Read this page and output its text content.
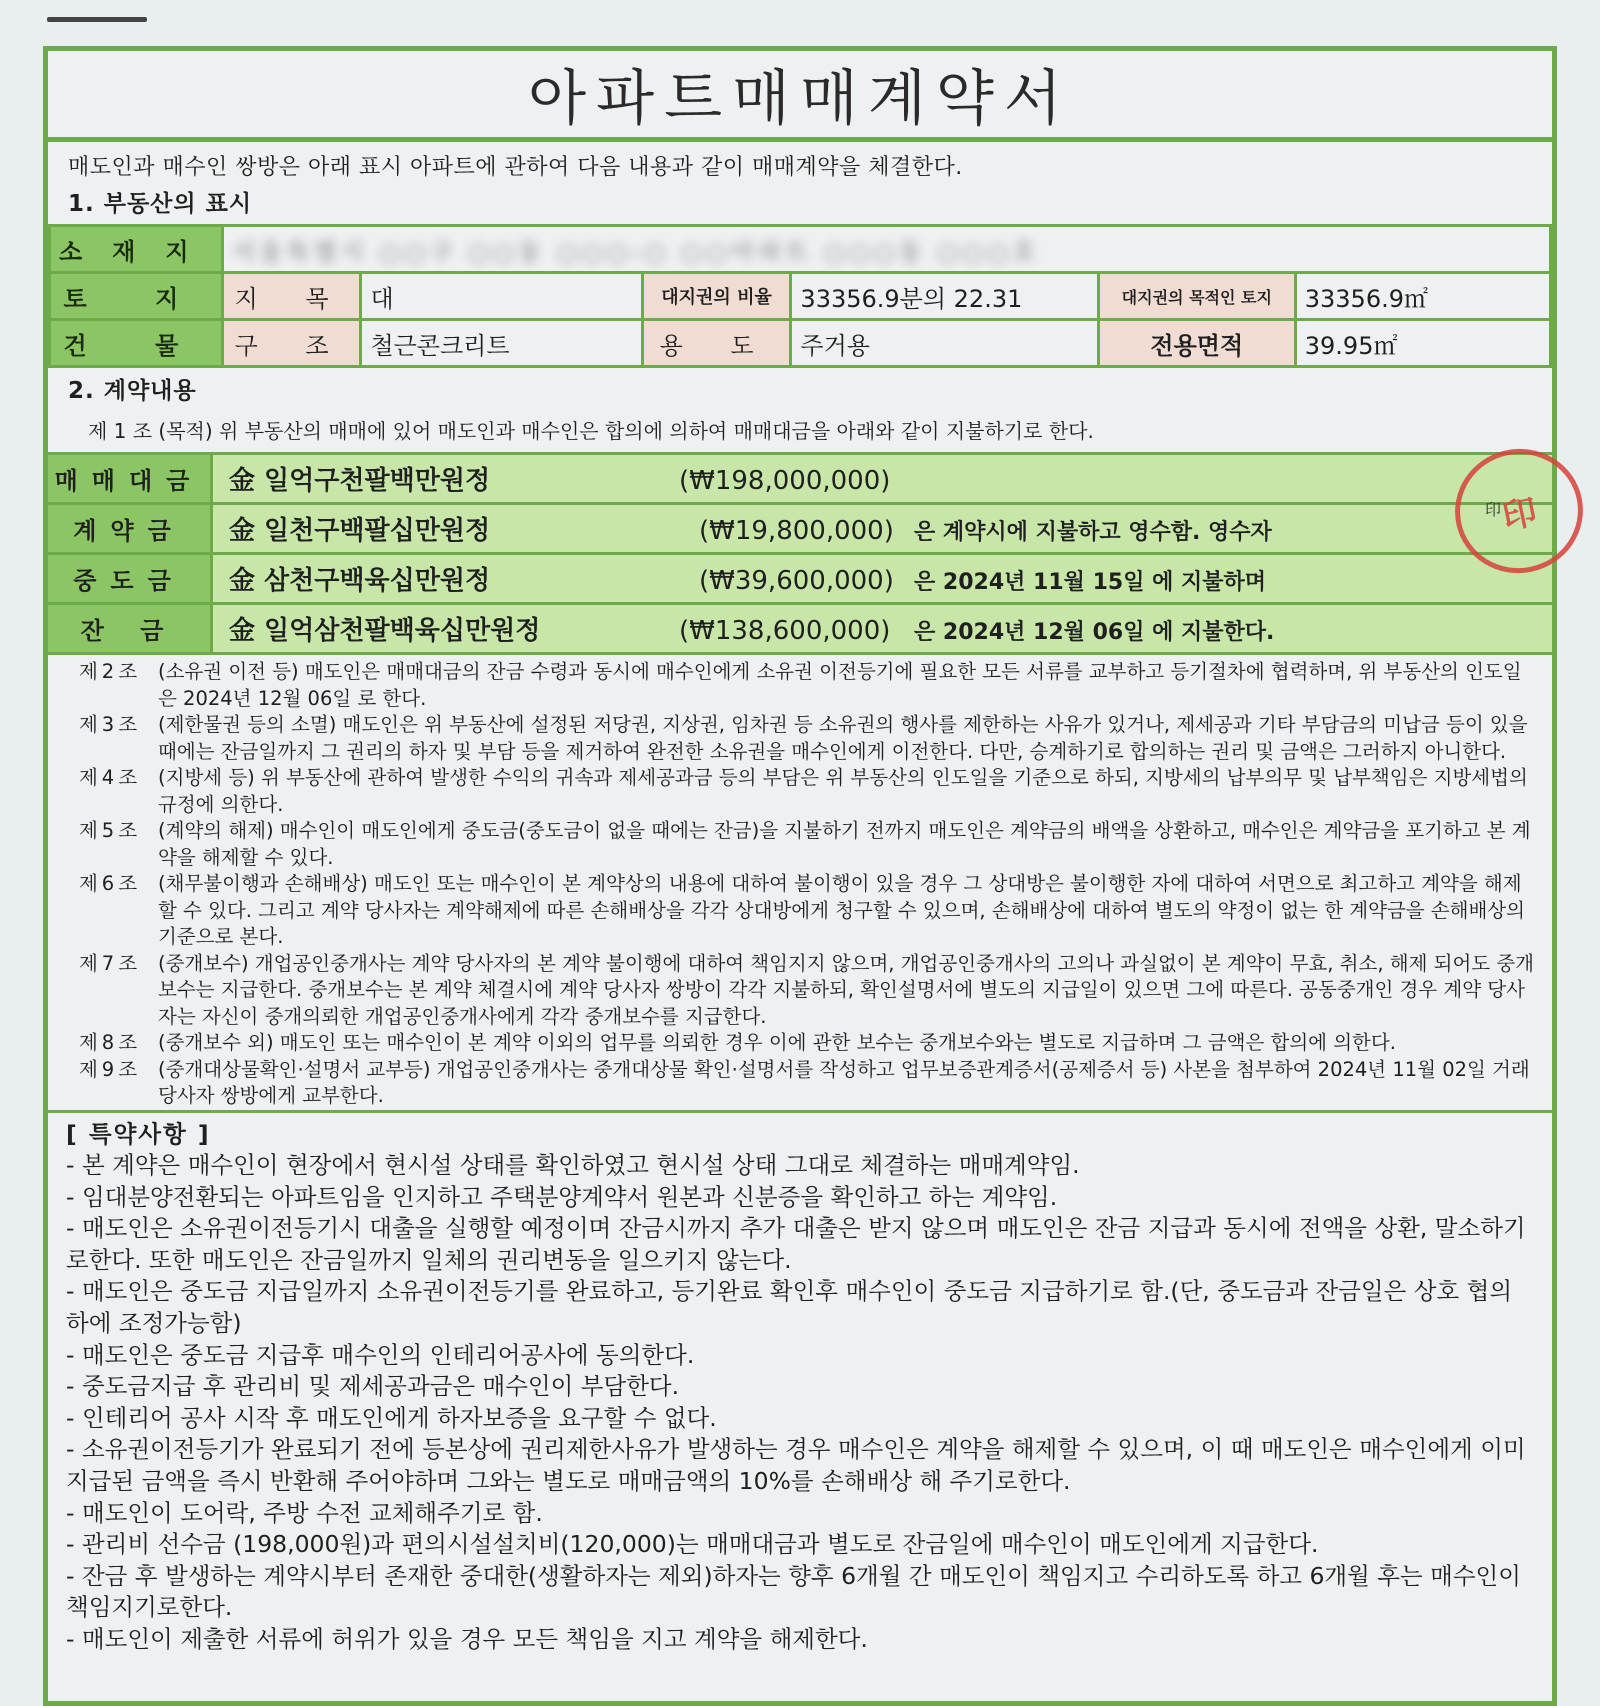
아파트매매계약서
매도인과 매수인 쌍방은 아래 표시 아파트에 관하여 다음 내용과 같이 매매계약을 체결한다.
1. 부동산의 표시
소재지	서울특별시 ○○구 ○○동 ○○○-○ ○○아파트 ○○○동 ○○○호					
토 지	지 목	대	대지권의 비율	33356.9분의 22.31	대지권의 목적인 토지	33356.9㎡
건 물	구 조	철근콘크리트	용 도	주거용	전용면적	39.95㎡
2. 계약내용
제 1 조 (목적) 위 부동산의 매매에 있어 매도인과 매수인은 합의에 의하여 매매대금을 아래와 같이 지불하기로 한다.
매매대금	金 일억구천팔백만원정 (₩198,000,000)
계약금	金 일천구백팔십만원정 (₩19,800,000) 은 계약시에 지불하고 영수함. 영수자
중도금	金 삼천구백육십만원정 (₩39,600,000) 은 2024년 11월 15일 에 지불하며
잔 금	金 일억삼천팔백육십만원정 (₩138,600,000) 은 2024년 12월 06일 에 지불한다.
제2조 (소유권 이전 등) 매도인은 매매대금의 잔금 수령과 동시에 매수인에게 소유권 이전등기에 필요한 모든 서류를 교부하고 등기절차에 협력하며, 위 부동산의 인도일은 2024년 12월 06일 로 한다.
제3조 (제한물권 등의 소멸) 매도인은 위 부동산에 설정된 저당권, 지상권, 임차권 등 소유권의 행사를 제한하는 사유가 있거나, 제세공과 기타 부담금의 미납금 등이 있을 때에는 잔금일까지 그 권리의 하자 및 부담 등을 제거하여 완전한 소유권을 매수인에게 이전한다. 다만, 승계하기로 합의하는 권리 및 금액은 그러하지 아니한다.
제4조 (지방세 등) 위 부동산에 관하여 발생한 수익의 귀속과 제세공과금 등의 부담은 위 부동산의 인도일을 기준으로 하되, 지방세의 납부의무 및 납부책임은 지방세법의 규정에 의한다.
제5조 (계약의 해제) 매수인이 매도인에게 중도금(중도금이 없을 때에는 잔금)을 지불하기 전까지 매도인은 계약금의 배액을 상환하고, 매수인은 계약금을 포기하고 본 계약을 해제할 수 있다.
제6조 (채무불이행과 손해배상) 매도인 또는 매수인이 본 계약상의 내용에 대하여 불이행이 있을 경우 그 상대방은 불이행한 자에 대하여 서면으로 최고하고 계약을 해제할 수 있다. 그리고 계약 당사자는 계약해제에 따른 손해배상을 각각 상대방에게 청구할 수 있으며, 손해배상에 대하여 별도의 약정이 없는 한 계약금을 손해배상의 기준으로 본다.
제7조 (중개보수) 개업공인중개사는 계약 당사자의 본 계약 불이행에 대하여 책임지지 않으며, 개업공인중개사의 고의나 과실없이 본 계약이 무효, 취소, 해제 되어도 중개보수는 지급한다. 중개보수는 본 계약 체결시에 계약 당사자 쌍방이 각각 지불하되, 확인설명서에 별도의 지급일이 있으면 그에 따른다. 공동중개인 경우 계약 당사자는 자신이 중개의뢰한 개업공인중개사에게 각각 중개보수를 지급한다.
제8조 (중개보수 외) 매도인 또는 매수인이 본 계약 이외의 업무를 의뢰한 경우 이에 관한 보수는 중개보수와는 별도로 지급하며 그 금액은 합의에 의한다.
제9조 (중개대상물확인·설명서 교부등) 개업공인중개사는 중개대상물 확인·설명서를 작성하고 업무보증관계증서(공제증서 등) 사본을 첨부하여 2024년 11월 02일 거래당사자 쌍방에게 교부한다.
[ 특약사항 ]
- 본 계약은 매수인이 현장에서 현시설 상태를 확인하였고 현시설 상태 그대로 체결하는 매매계약임.
- 임대분양전환되는 아파트임을 인지하고 주택분양계약서 원본과 신분증을 확인하고 하는 계약임.
- 매도인은 소유권이전등기시 대출을 실행할 예정이며 잔금시까지 추가 대출은 받지 않으며 매도인은 잔금 지급과 동시에 전액을 상환, 말소하기로한다. 또한 매도인은 잔금일까지 일체의 권리변동을 일으키지 않는다.
- 매도인은 중도금 지급일까지 소유권이전등기를 완료하고, 등기완료 확인후 매수인이 중도금 지급하기로 함.(단, 중도금과 잔금일은 상호 협의하에 조정가능함)
- 매도인은 중도금 지급후 매수인의 인테리어공사에 동의한다.
- 중도금지급 후 관리비 및 제세공과금은 매수인이 부담한다.
- 인테리어 공사 시작 후 매도인에게 하자보증을 요구할 수 없다.
- 소유권이전등기가 완료되기 전에 등본상에 권리제한사유가 발생하는 경우 매수인은 계약을 해제할 수 있으며, 이 때 매도인은 매수인에게 이미 지급된 금액을 즉시 반환해 주어야하며 그와는 별도로 매매금액의 10%를 손해배상 해 주기로한다.
- 매도인이 도어락, 주방 수전 교체해주기로 함.
- 관리비 선수금 (198,000원)과 편의시설설치비(120,000)는 매매대금과 별도로 잔금일에 매수인이 매도인에게 지급한다.
- 잔금 후 발생하는 계약시부터 존재한 중대한(생활하자는 제외)하자는 향후 6개월 간 매도인이 책임지고 수리하도록 하고 6개월 후는 매수인이 책임지기로한다.
- 매도인이 제출한 서류에 허위가 있을 경우 모든 책임을 지고 계약을 해제한다.
印
印
